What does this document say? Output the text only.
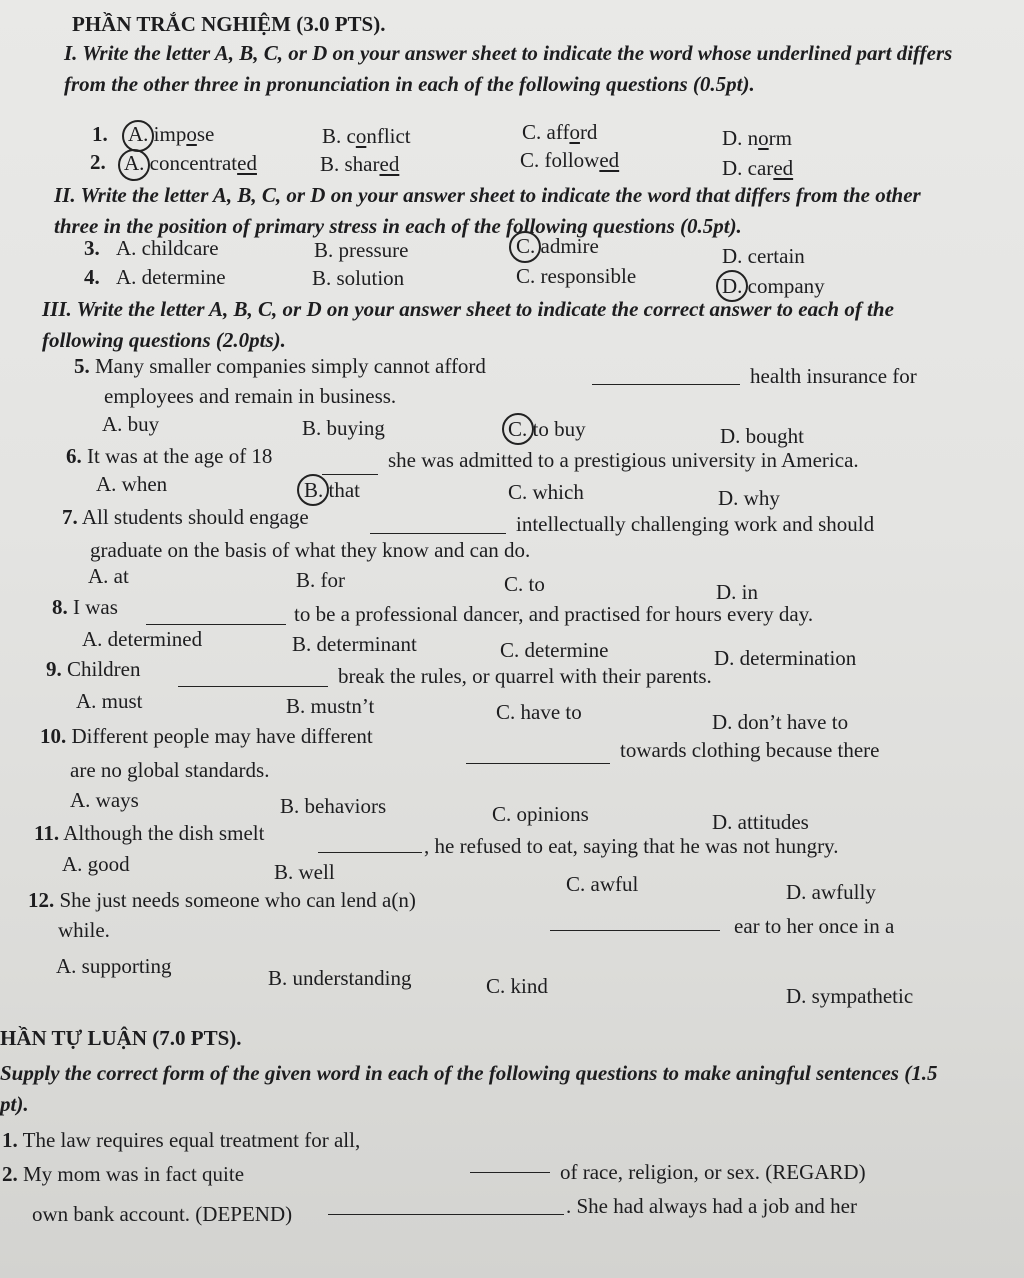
PHẦN TRẮC NGHIỆM (3.0 PTS).
I. Write the letter A, B, C, or D on your answer sheet to indicate the word whose underlined part differs from the other three in pronunciation in each of the following questions (0.5pt).
1. A. impose	B. conflict	C. afford	D. norm
2. A. concentrated	B. shared	C. followed	D. cared
II. Write the letter A, B, C, or D on your answer sheet to indicate the word that differs from the other three in the position of primary stress in each of the following questions (0.5pt).
3. A. childcare	B. pressure	C. admire	D. certain
4. A. determine	B. solution	C. responsible	D. company
III. Write the letter A, B, C, or D on your answer sheet to indicate the correct answer to each of the following questions (2.0pts).
5. Many smaller companies simply cannot afford	health insurance for
employees and remain in business.
A. buy	B. buying	C. to buy	D. bought
6. It was at the age of 18	she was admitted to a prestigious university in America.
A. when	B. that	C. which	D. why
7. All students should engage	intellectually challenging work and should
graduate on the basis of what they know and can do.
A. at	B. for	C. to	D. in
8. I was	to be a professional dancer, and practised for hours every day.
A. determined	B. determinant	C. determine	D. determination
9. Children	break the rules, or quarrel with their parents.
A. must	B. mustn’t	C. have to	D. don’t have to
10. Different people may have different
towards clothing because there
are no global standards.
A. ways	B. behaviors	C. opinions	D. attitudes
11. Although the dish smelt
, he refused to eat, saying that he was not hungry.
A. good	B. well	C. awful	D. awfully
12. She just needs someone who can lend a(n)
ear to her once in a
while.
A. supporting	B. understanding	C. kind	D. sympathetic
HẦN TỰ LUẬN (7.0 PTS).
Supply the correct form of the given word in each of the following questions to make aningful sentences (1.5 pt).
1. The law requires equal treatment for all,
of race, religion, or sex. (REGARD)
2. My mom was in fact quite
. She had always had a job and her
own bank account. (DEPEND)
